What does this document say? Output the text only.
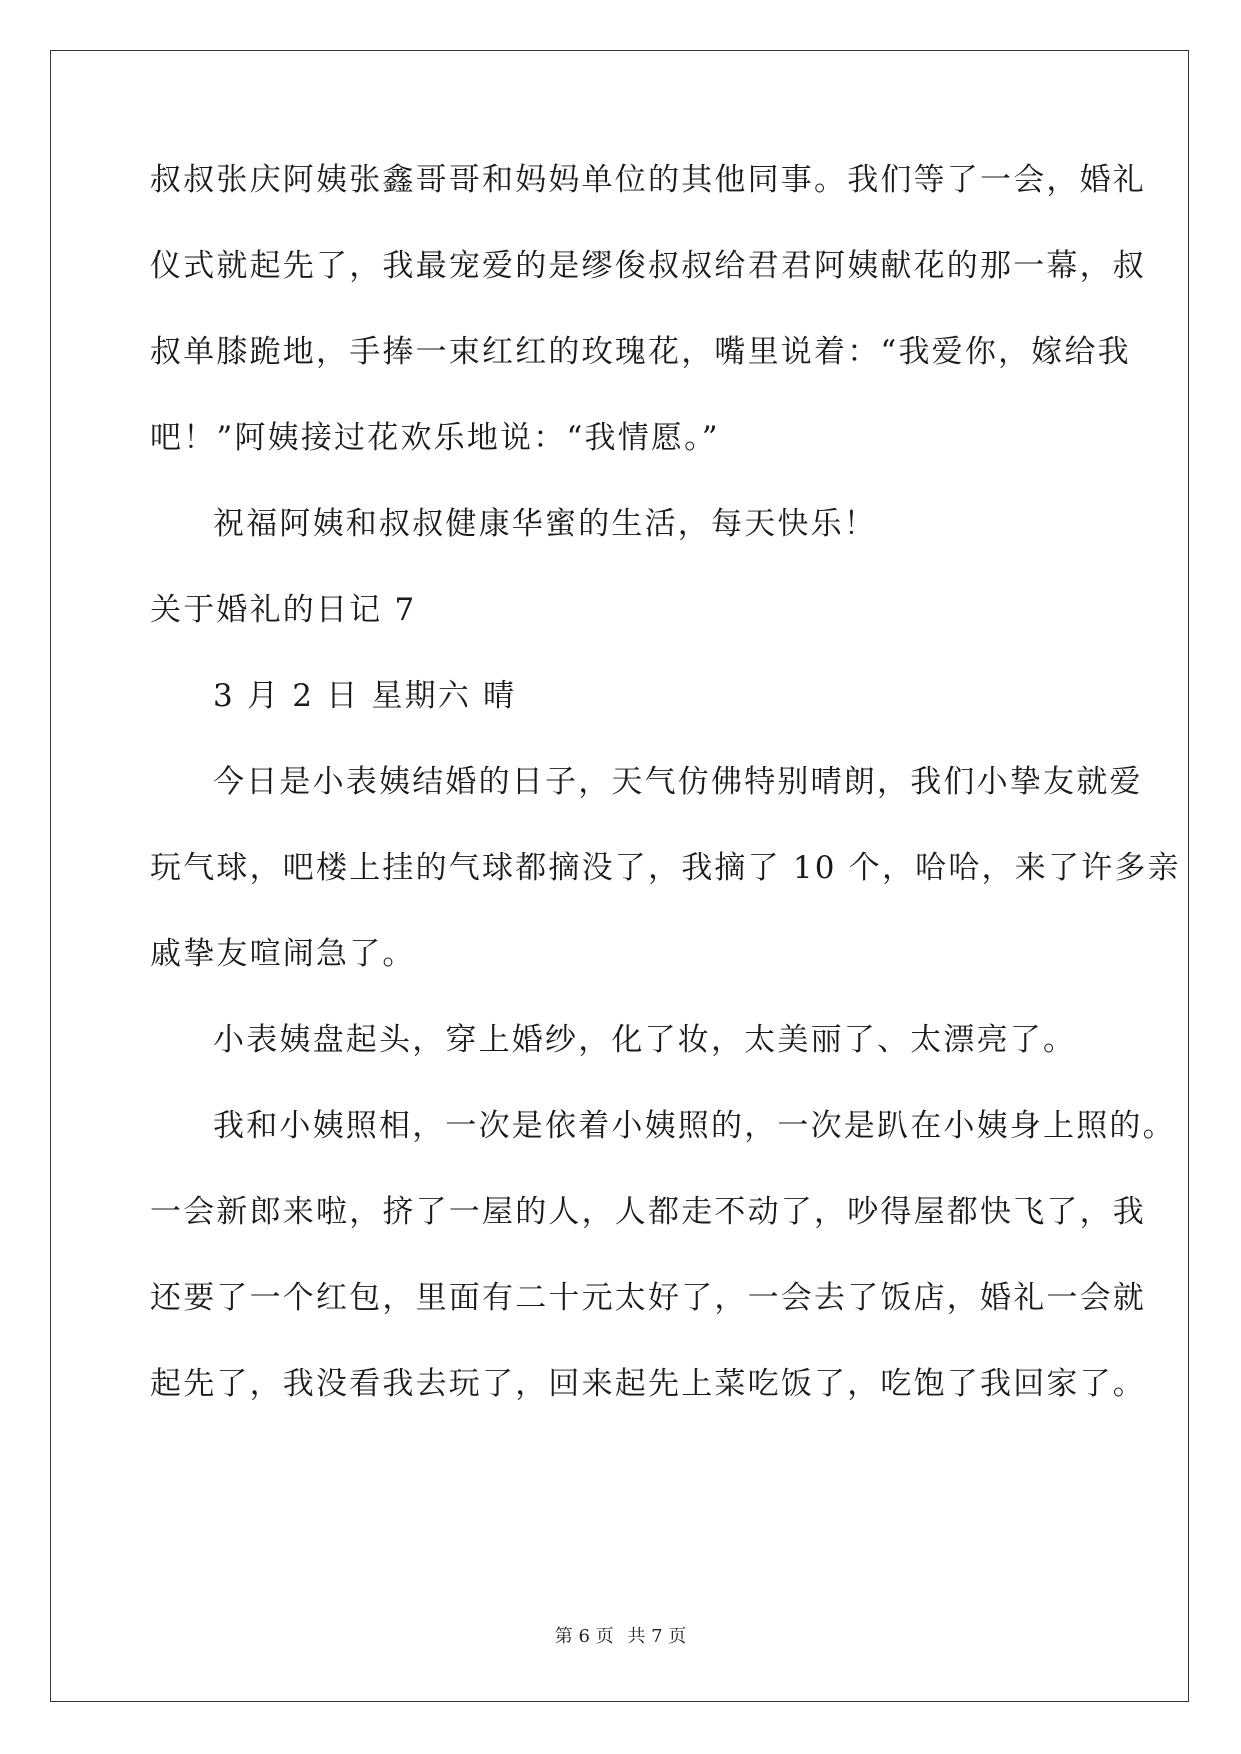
叔叔张庆阿姨张鑫哥哥和妈妈单位的其他同事。我们等了一会，婚礼
仪式就起先了，我最宠爱的是缪俊叔叔给君君阿姨献花的那一幕，叔
叔单膝跪地，手捧一束红红的玫瑰花，嘴里说着：“我爱你，嫁给我
吧！”阿姨接过花欢乐地说：“我情愿。”
祝福阿姨和叔叔健康华蜜的生活，每天快乐！
关于婚礼的日记 7
3 月 2 日 星期六 晴
今日是小表姨结婚的日子，天气仿佛特别晴朗，我们小挚友就爱
玩气球，吧楼上挂的气球都摘没了，我摘了 10 个，哈哈，来了许多亲
戚挚友喧闹急了。
小表姨盘起头，穿上婚纱，化了妆，太美丽了、太漂亮了。
我和小姨照相，一次是依着小姨照的，一次是趴在小姨身上照的。
一会新郎来啦，挤了一屋的人，人都走不动了，吵得屋都快飞了，我
还要了一个红包，里面有二十元太好了，一会去了饭店，婚礼一会就
起先了，我没看我去玩了，回来起先上菜吃饭了，吃饱了我回家了。
第 6 页 共 7 页
